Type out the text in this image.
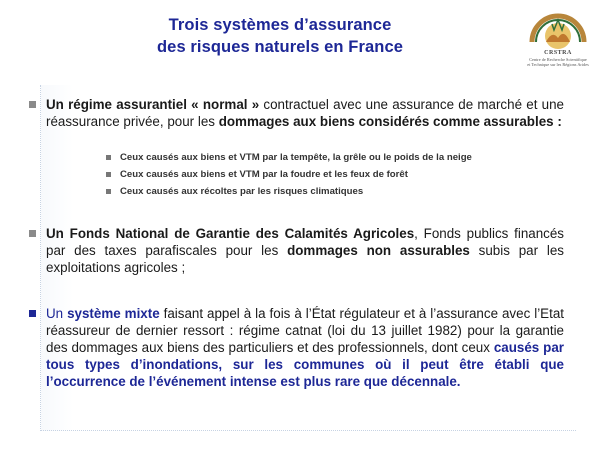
Trois systèmes d’assurance
des risques naturels en France	CRSTRA
Centre de Recherche Scientifique
et Technique sur les Régions Arides
Un régime assurantiel « normal » contractuel avec une assurance de marché et une réassurance privée, pour les dommages aux biens considérés comme assurables :
Ceux causés aux biens et VTM par la tempête, la grêle ou le poids de la neige
Ceux causés aux biens et VTM par la foudre et les feux de forêt
Ceux causés aux récoltes par les risques climatiques
Un Fonds National de Garantie des Calamités Agricoles, Fonds publics financés par des taxes parafiscales pour les dommages non assurables subis par les exploitations agricoles ;
Un système mixte faisant appel à la fois à l’État régulateur et à l’assurance avec l’Etat réassureur de dernier ressort : régime catnat (loi du 13 juillet 1982) pour la garantie des dommages aux biens des particuliers et des professionnels, dont ceux causés par tous types d’inondations, sur les communes où il peut être établi que l’occurrence de l’événement intense est plus rare que décennale.
